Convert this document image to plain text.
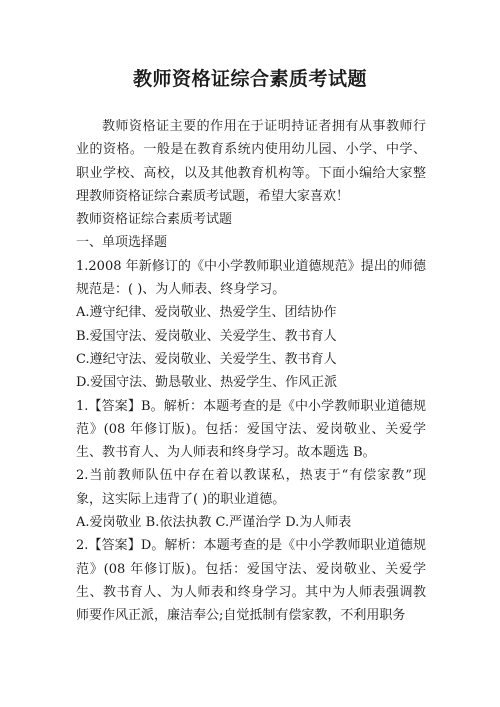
教师资格证综合素质考试题

教师资格证主要的作用在于证明持证者拥有从事教师行业的资格。一般是在教育系统内使用幼儿园、小学、中学、职业学校、高校，以及其他教育机构等。下面小编给大家整理教师资格证综合素质考试题，希望大家喜欢！

教师资格证综合素质考试题

一、单项选择题

1.2008 年新修订的《中小学教师职业道德规范》提出的师德规范是：( )、为人师表、终身学习。

A.遵守纪律、爱岗敬业、热爱学生、团结协作

B.爱国守法、爱岗敬业、关爱学生、教书育人

C.遵纪守法、爱岗敬业、关爱学生、教书育人

D.爱国守法、勤恳敬业、热爱学生、作风正派

1.【答案】B。解析：本题考查的是《中小学教师职业道德规范》(08 年修订版)。包括：爱国守法、爱岗敬业、关爱学生、教书育人、为人师表和终身学习。故本题选 B。

2.当前教师队伍中存在着以教谋私，热衷于“有偿家教”现象，这实际上违背了( )的职业道德。

A.爱岗敬业 B.依法执教 C.严谨治学 D.为人师表

2.【答案】D。解析：本题考查的是《中小学教师职业道德规范》(08 年修订版)。包括：爱国守法、爱岗敬业、关爱学生、教书育人、为人师表和终身学习。其中为人师表强调教师要作风正派，廉洁奉公;自觉抵制有偿家教，不利用职务
